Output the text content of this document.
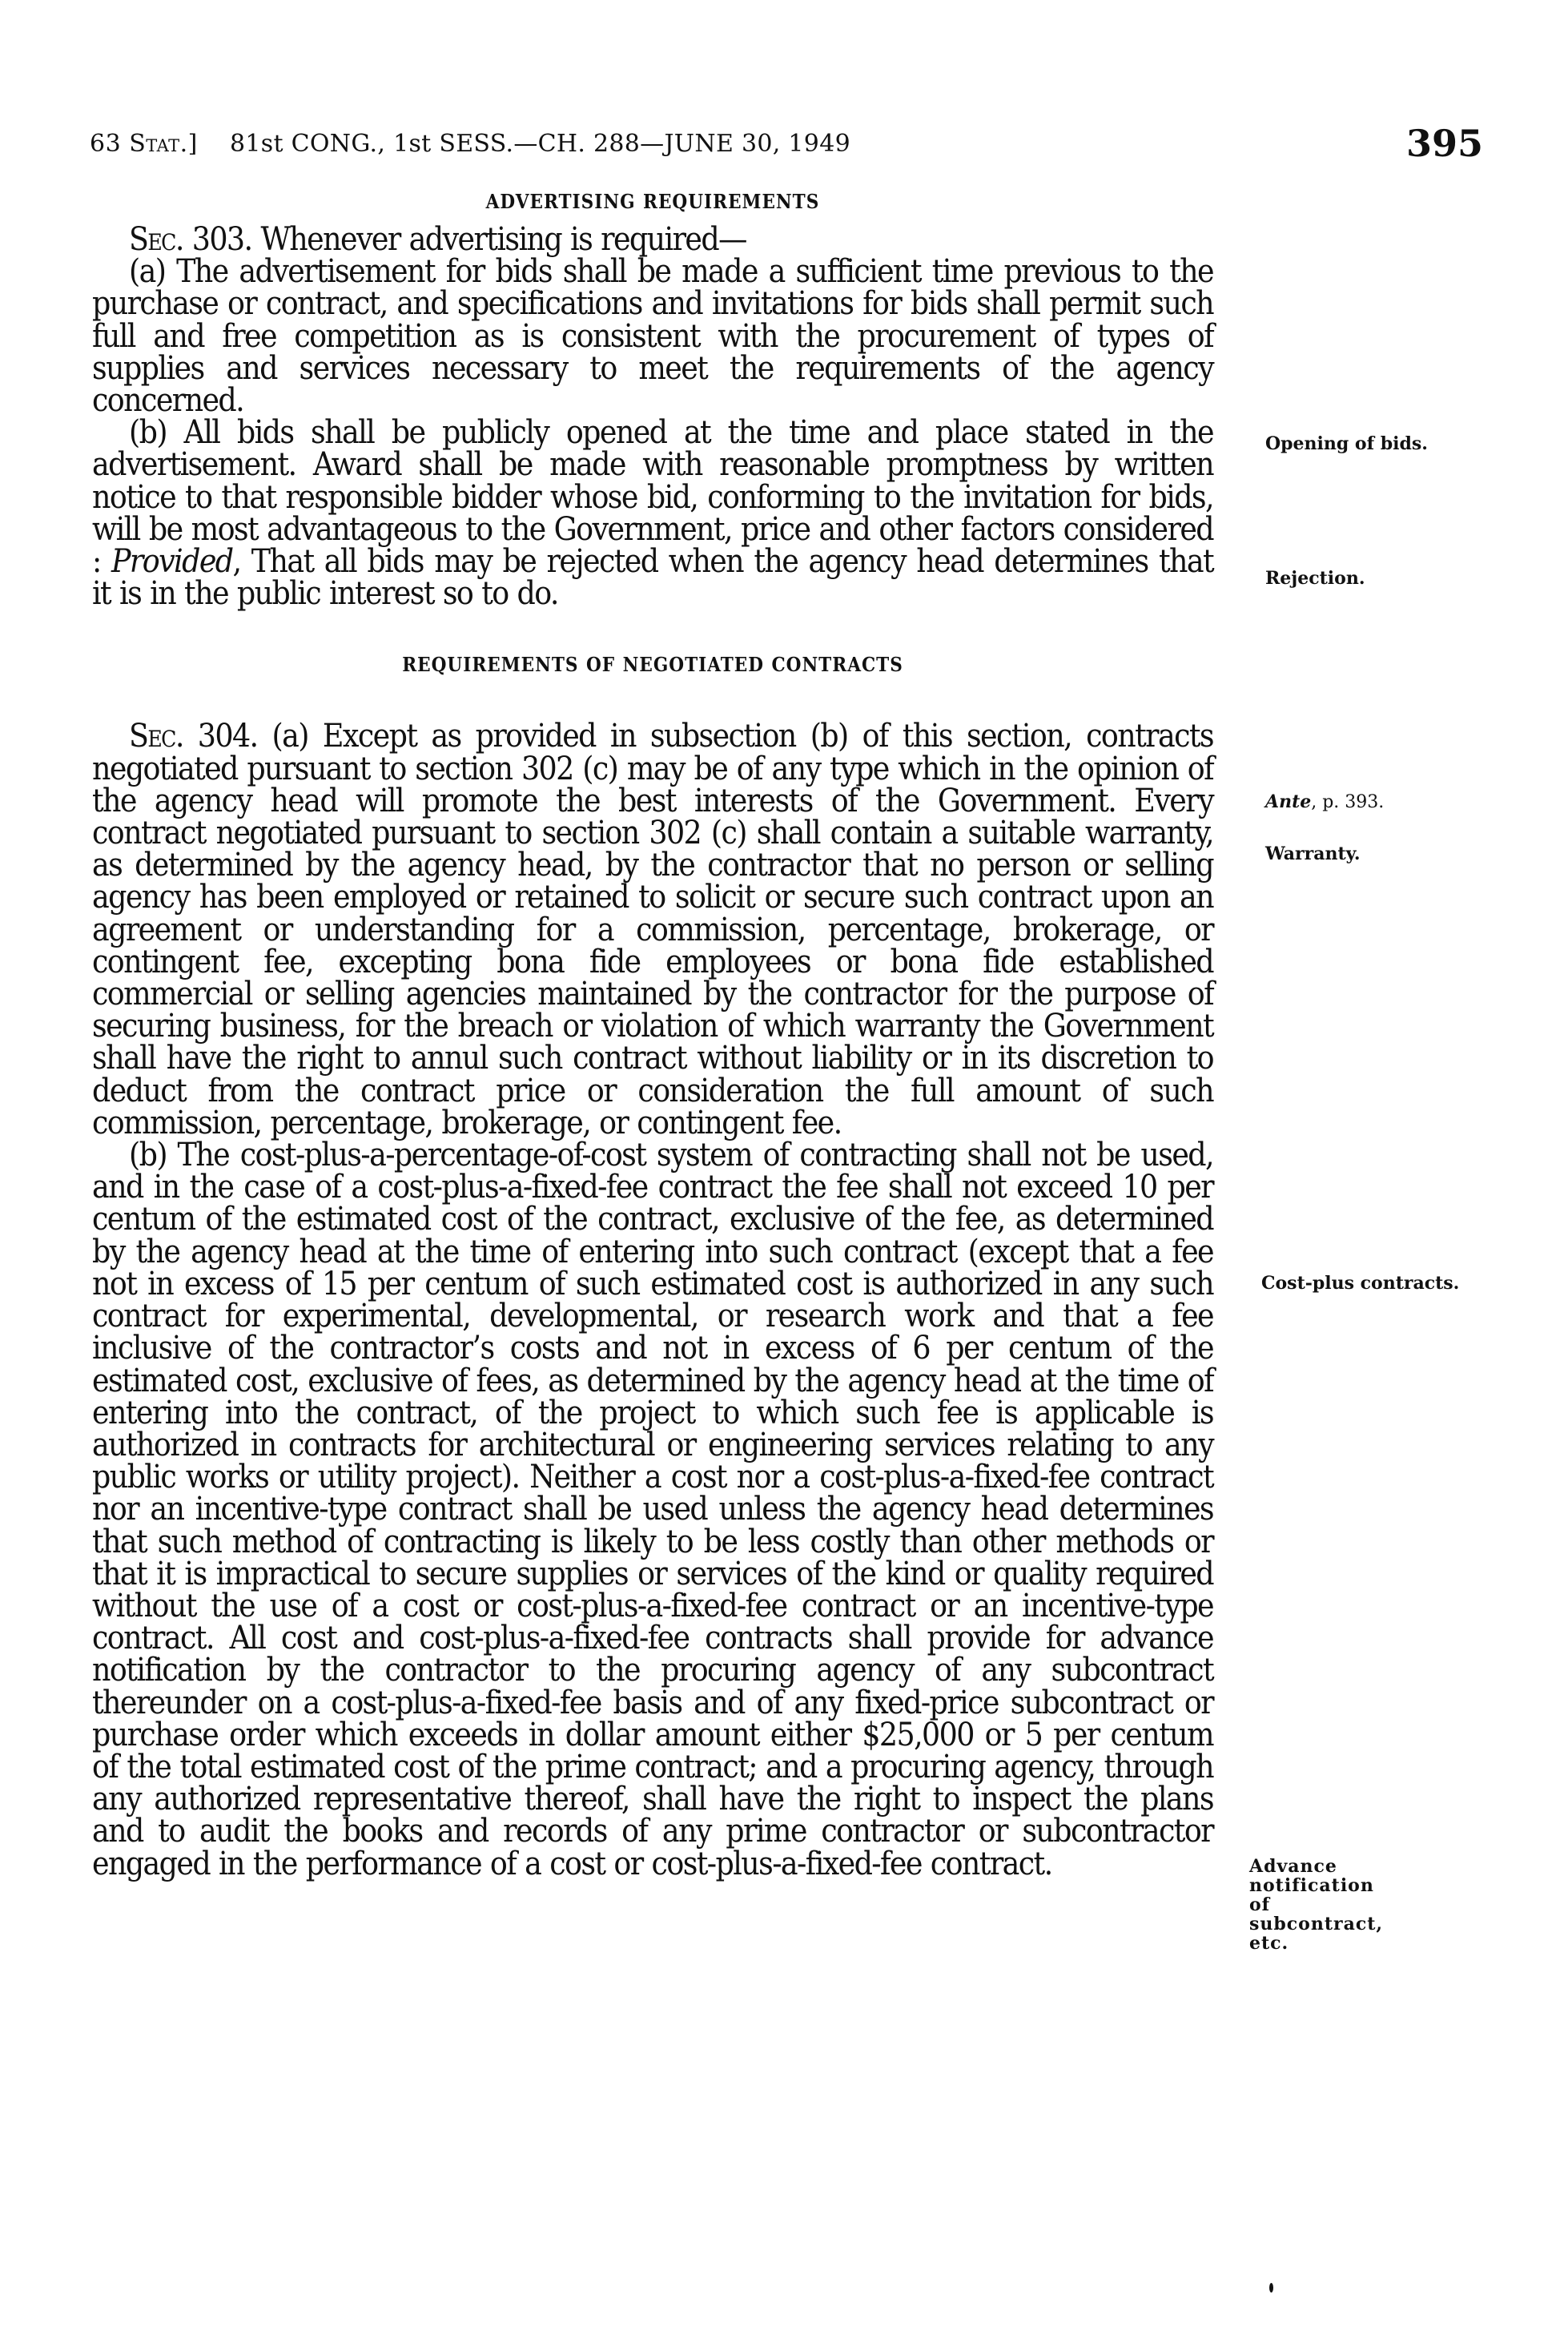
63 Stat.] 81st CONG., 1st SESS.—CH. 288—JUNE 30, 1949	395
ADVERTISING REQUIREMENTS

Sec. 303. Whenever advertising is required—

(a) The advertisement for bids shall be made a sufficient time previous to the purchase or contract, and specifications and invitations for bids shall permit such full and free competition as is consistent with the procurement of types of supplies and services necessary to meet the requirements of the agency concerned.

(b) All bids shall be publicly opened at the time and place stated in the advertisement. Award shall be made with reasonable promptness by written notice to that responsible bidder whose bid, conforming to the invitation for bids, will be most advantageous to the Government, price and other factors considered : Provided, That all bids may be rejected when the agency head determines that it is in the public interest so to do.

REQUIREMENTS OF NEGOTIATED CONTRACTS

Sec. 304. (a) Except as provided in subsection (b) of this section, contracts negotiated pursuant to section 302 (c) may be of any type which in the opinion of the agency head will promote the best interests of the Government. Every contract negotiated pursuant to section 302 (c) shall contain a suitable warranty, as determined by the agency head, by the contractor that no person or selling agency has been employed or retained to solicit or secure such contract upon an agreement or understanding for a commission, percentage, brokerage, or contingent fee, excepting bona fide employees or bona fide established commercial or selling agencies maintained by the contractor for the purpose of securing business, for the breach or violation of which warranty the Government shall have the right to annul such contract without liability or in its discretion to deduct from the contract price or consideration the full amount of such commission, percentage, brokerage, or contingent fee.

(b) The cost-plus-a-percentage-of-cost system of contracting shall not be used, and in the case of a cost-plus-a-fixed-fee contract the fee shall not exceed 10 per centum of the estimated cost of the contract, exclusive of the fee, as determined by the agency head at the time of entering into such contract (except that a fee not in excess of 15 per centum of such estimated cost is authorized in any such contract for experimental, developmental, or research work and that a fee inclusive of the contractor’s costs and not in excess of 6 per centum of the estimated cost, exclusive of fees, as determined by the agency head at the time of entering into the contract, of the project to which such fee is applicable is authorized in contracts for architectural or engineering services relating to any public works or utility project). Neither a cost nor a cost-plus-a-fixed-fee contract nor an incentive-type contract shall be used unless the agency head determines that such method of contracting is likely to be less costly than other methods or that it is impractical to secure supplies or services of the kind or quality required without the use of a cost or cost-plus-a-fixed-fee contract or an incentive-type contract. All cost and cost-plus-a-fixed-fee contracts shall provide for advance notification by the contractor to the procuring agency of any subcontract thereunder on a cost-plus-a-fixed-fee basis and of any fixed-price subcontract or purchase order which exceeds in dollar amount either $25,000 or 5 per centum of the total estimated cost of the prime contract; and a procuring agency, through any authorized representative thereof, shall have the right to inspect the plans and to audit the books and records of any prime contractor or subcontractor engaged in the performance of a cost or cost-plus-a-fixed-fee contract.

Opening of bids.
Rejection.
Ante, p. 393.
Warranty.
Cost-plus contracts.
Advance notification of subcontract, etc.
